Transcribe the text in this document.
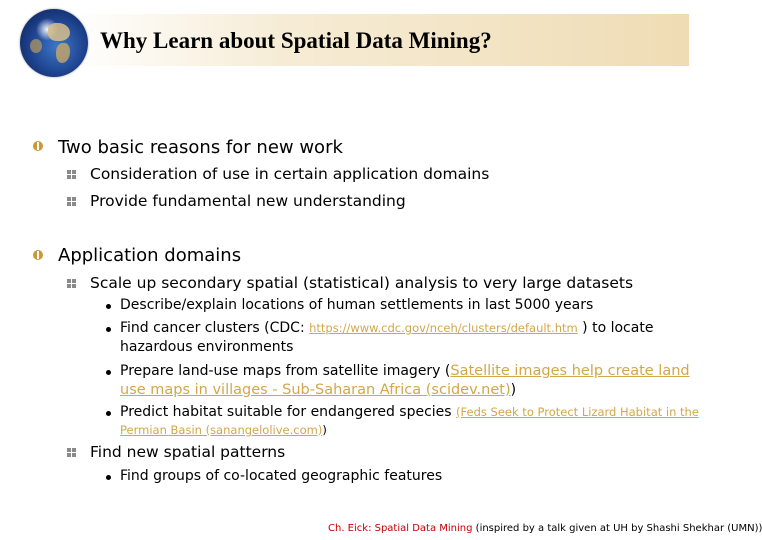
Why Learn about Spatial Data Mining?
Two basic reasons for new work
Consideration of use in certain application domains
Provide fundamental new understanding
Application domains
Scale up secondary spatial (statistical) analysis to very large datasets
Describe/explain locations of human settlements in last 5000 years
Find cancer clusters (CDC: https://www.cdc.gov/nceh/clusters/default.htm ) to locate
hazardous environments
Prepare land-use maps from satellite imagery (Satellite images help create land
use maps in villages - Sub-Saharan Africa (scidev.net))
Predict habitat suitable for endangered species (Feds Seek to Protect Lizard Habitat in the
Permian Basin (sanangelolive.com))
Find new spatial patterns
Find groups of co-located geographic features
Ch. Eick: Spatial Data Mining (inspired by a talk given at UH by Shashi Shekhar (UMN))
